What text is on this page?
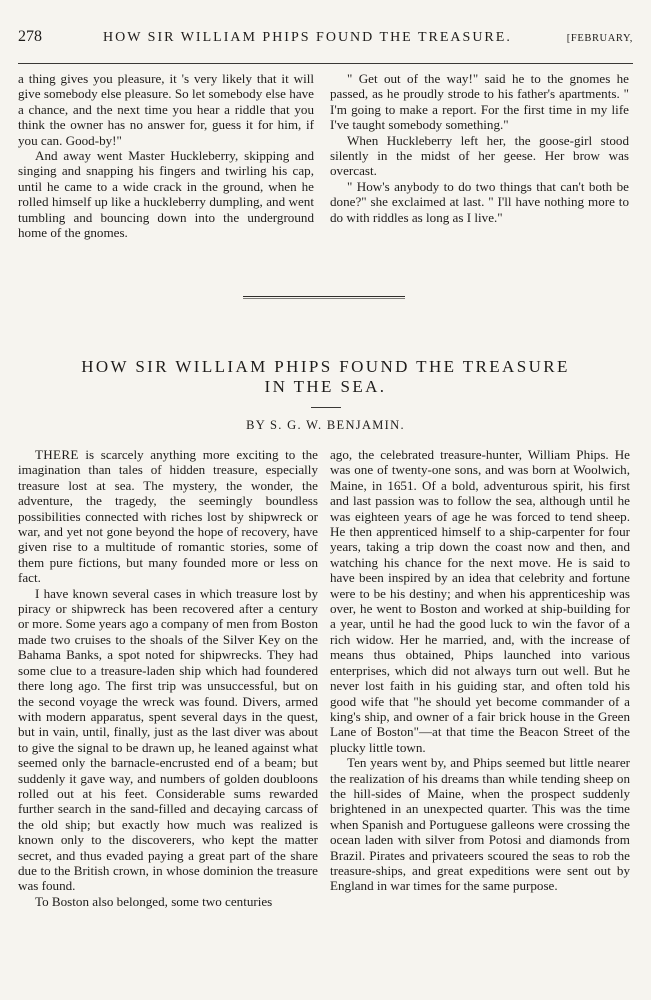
278	HOW SIR WILLIAM PHIPS FOUND THE TREASURE.	[FEBRUARY,

a thing gives you pleasure, it 's very likely that it will give somebody else pleasure. So let somebody else have a chance, and the next time you hear a riddle that you think the owner has no answer for, guess it for him, if you can. Good-by!"

And away went Master Huckleberry, skipping and singing and snapping his fingers and twirling his cap, until he came to a wide crack in the ground, when he rolled himself up like a huckleberry dumpling, and went tumbling and bouncing down into the underground home of the gnomes.

" Get out of the way!" said he to the gnomes he passed, as he proudly strode to his father's apartments. " I'm going to make a report. For the first time in my life I've taught somebody something."

When Huckleberry left her, the goose-girl stood silently in the midst of her geese. Her brow was overcast.

" How's anybody to do two things that can't both be done?" she exclaimed at last. " I'll have nothing more to do with riddles as long as I live."

HOW SIR WILLIAM PHIPS FOUND THE TREASURE
IN THE SEA.
BY S. G. W. BENJAMIN.

THERE is scarcely anything more exciting to the imagination than tales of hidden treasure, especially treasure lost at sea. The mystery, the wonder, the adventure, the tragedy, the seemingly boundless possibilities connected with riches lost by shipwreck or war, and yet not gone beyond the hope of recovery, have given rise to a multitude of romantic stories, some of them pure fictions, but many founded more or less on fact.

I have known several cases in which treasure lost by piracy or shipwreck has been recovered after a century or more. Some years ago a company of men from Boston made two cruises to the shoals of the Silver Key on the Bahama Banks, a spot noted for shipwrecks. They had some clue to a treasure-laden ship which had foundered there long ago. The first trip was unsuccessful, but on the second voyage the wreck was found. Divers, armed with modern apparatus, spent several days in the quest, but in vain, until, finally, just as the last diver was about to give the signal to be drawn up, he leaned against what seemed only the barnacle-encrusted end of a beam; but suddenly it gave way, and numbers of golden doubloons rolled out at his feet. Considerable sums rewarded further search in the sand-filled and decaying carcass of the old ship; but exactly how much was realized is known only to the discoverers, who kept the matter secret, and thus evaded paying a great part of the share due to the British crown, in whose dominion the treasure was found.

To Boston also belonged, some two centuries

ago, the celebrated treasure-hunter, William Phips. He was one of twenty-one sons, and was born at Woolwich, Maine, in 1651. Of a bold, adventurous spirit, his first and last passion was to follow the sea, although until he was eighteen years of age he was forced to tend sheep. He then apprenticed himself to a ship-carpenter for four years, taking a trip down the coast now and then, and watching his chance for the next move. He is said to have been inspired by an idea that celebrity and fortune were to be his destiny; and when his apprenticeship was over, he went to Boston and worked at ship-building for a year, until he had the good luck to win the favor of a rich widow. Her he married, and, with the increase of means thus obtained, Phips launched into various enterprises, which did not always turn out well. But he never lost faith in his guiding star, and often told his good wife that "he should yet become commander of a king's ship, and owner of a fair brick house in the Green Lane of Boston"—at that time the Beacon Street of the plucky little town.

Ten years went by, and Phips seemed but little nearer the realization of his dreams than while tending sheep on the hill-sides of Maine, when the prospect suddenly brightened in an unexpected quarter. This was the time when Spanish and Portuguese galleons were crossing the ocean laden with silver from Potosi and diamonds from Brazil. Pirates and privateers scoured the seas to rob the treasure-ships, and great expeditions were sent out by England in war times for the same purpose.
